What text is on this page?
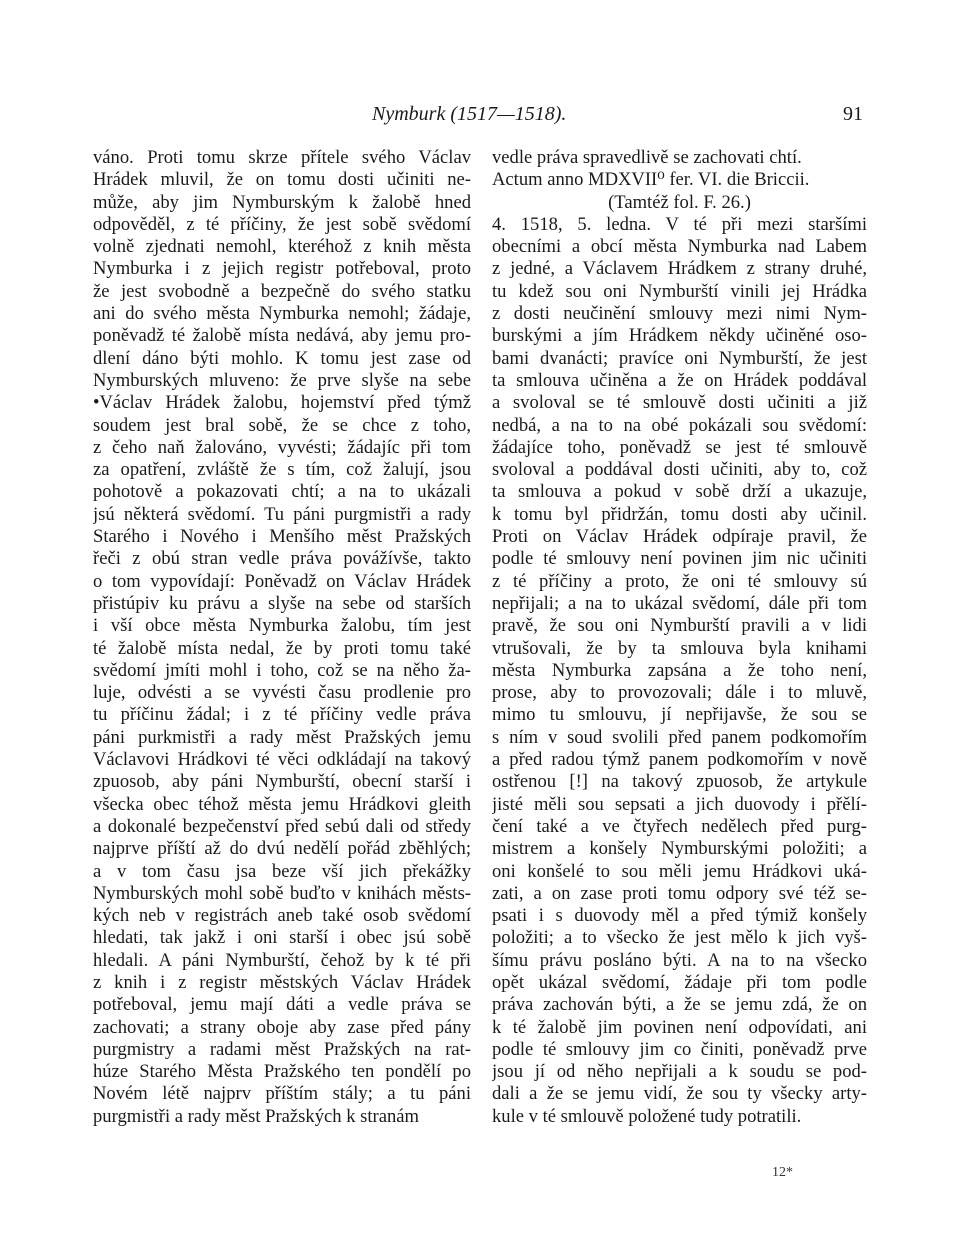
Nymburk (1517—1518).	91
váno. Proti tomu skrze přítele svého Václav
Hrádek mluvil, že on tomu dosti učiniti ne-
může, aby jim Nymburským k žalobě hned
odpověděl, z té příčiny, že jest sobě svědomí
volně zjednati nemohl, kteréhož z knih města
Nymburka i z jejich registr potřeboval, proto
že jest svobodně a bezpečně do svého statku
ani do svého města Nymburka nemohl; žádaje,
poněvadž té žalobě místa nedává, aby jemu pro-
dlení dáno býti mohlo. K tomu jest zase od
Nymburských mluveno: že prve slyše na sebe
•Václav Hrádek žalobu, hojemství před týmž
soudem jest bral sobě, že se chce z toho,
z čeho naň žalováno, vyvésti; žádajíc při tom
za opatření, zvláště že s tím, což žalují, jsou
pohotově a pokazovati chtí; a na to ukázali
jsú některá svědomí. Tu páni purgmistři a rady
Starého i Nového i Menšího měst Pražských
řeči z obú stran vedle práva povážívše, takto
o tom vypovídají: Poněvadž on Václav Hrádek
přistúpiv ku právu a slyše na sebe od starších
i vší obce města Nymburka žalobu, tím jest
té žalobě místa nedal, že by proti tomu také
svědomí jmíti mohl i toho, což se na něho ža-
luje, odvésti a se vyvésti času prodlenie pro
tu příčinu žádal; i z té příčiny vedle práva
páni purkmistři a rady měst Pražských jemu
Václavovi Hrádkovi té věci odkládají na takový
zpuosob, aby páni Nymburští, obecní starší i
všecka obec téhož města jemu Hrádkovi gleith
a dokonalé bezpečenství před sebú dali od středy
najprve příští až do dvú nedělí pořád zběhlých;
a v tom času jsa beze vší jich překážky
Nymburských mohl sobě buďto v knihách městs-
kých neb v registrách aneb také osob svědomí
hledati, tak jakž i oni starší i obec jsú sobě
hledali. A páni Nymburští, čehož by k té při
z knih i z registr městských Václav Hrádek
potřeboval, jemu mají dáti a vedle práva se
zachovati; a strany oboje aby zase před pány
purgmistry a radami měst Pražských na rat-
húze Starého Města Pražského ten pondělí po
Novém létě najprv příštím stály; a tu páni
purgmistři a rady měst Pražských k stranám
vedle práva spravedlivě se zachovati chtí.
Actum anno MDXVII⁰ fer. VI. die Briccii.
(Tamtéž fol. F. 26.)
4. 1518, 5. ledna. V té při mezi staršími
obecními a obcí města Nymburka nad Labem
z jedné, a Václavem Hrádkem z strany druhé,
tu kdež sou oni Nymburští vinili jej Hrádka
z dosti neučinění smlouvy mezi nimi Nym-
burskými a jím Hrádkem někdy učiněné oso-
bami dvanácti; pravíce oni Nymburští, že jest
ta smlouva učiněna a že on Hrádek poddával
a svoloval se té smlouvě dosti učiniti a již
nedbá, a na to na obé pokázali sou svědomí:
žádajíce toho, poněvadž se jest té smlouvě
svoloval a poddával dosti učiniti, aby to, což
ta smlouva a pokud v sobě drží a ukazuje,
k tomu byl přidržán, tomu dosti aby učinil.
Proti on Václav Hrádek odpíraje pravil, že
podle té smlouvy není povinen jim nic učiniti
z té příčiny a proto, že oni té smlouvy sú
nepřijali; a na to ukázal svědomí, dále při tom
pravě, že sou oni Nymburští pravili a v lidi
vtrušovali, že by ta smlouva byla knihami
města Nymburka zapsána a že toho není,
prose, aby to provozovali; dále i to mluvě,
mimo tu smlouvu, jí nepřijavše, že sou se
s ním v soud svolili před panem podkomořím
a před radou týmž panem podkomořím v nově
ostřenou [!] na takový zpuosob, že artykule
jisté měli sou sepsati a jich duovody i přělí-
čení také a ve čtyřech nedělech před purg-
mistrem a konšely Nymburskými položiti; a
oni konšelé to sou měli jemu Hrádkovi uká-
zati, a on zase proti tomu odpory své též se-
psati i s duovody měl a před týmiž konšely
položiti; a to všecko že jest mělo k jich vyš-
šímu právu posláno býti. A na to na všecko
opět ukázal svědomí, žádaje při tom podle
práva zachován býti, a že se jemu zdá, že on
k té žalobě jim povinen není odpovídati, ani
podle té smlouvy jim co činiti, poněvadž prve
jsou jí od něho nepřijali a k soudu se pod-
dali a že se jemu vidí, že sou ty všecky arty-
kule v té smlouvě položené tudy potratili.
12*
